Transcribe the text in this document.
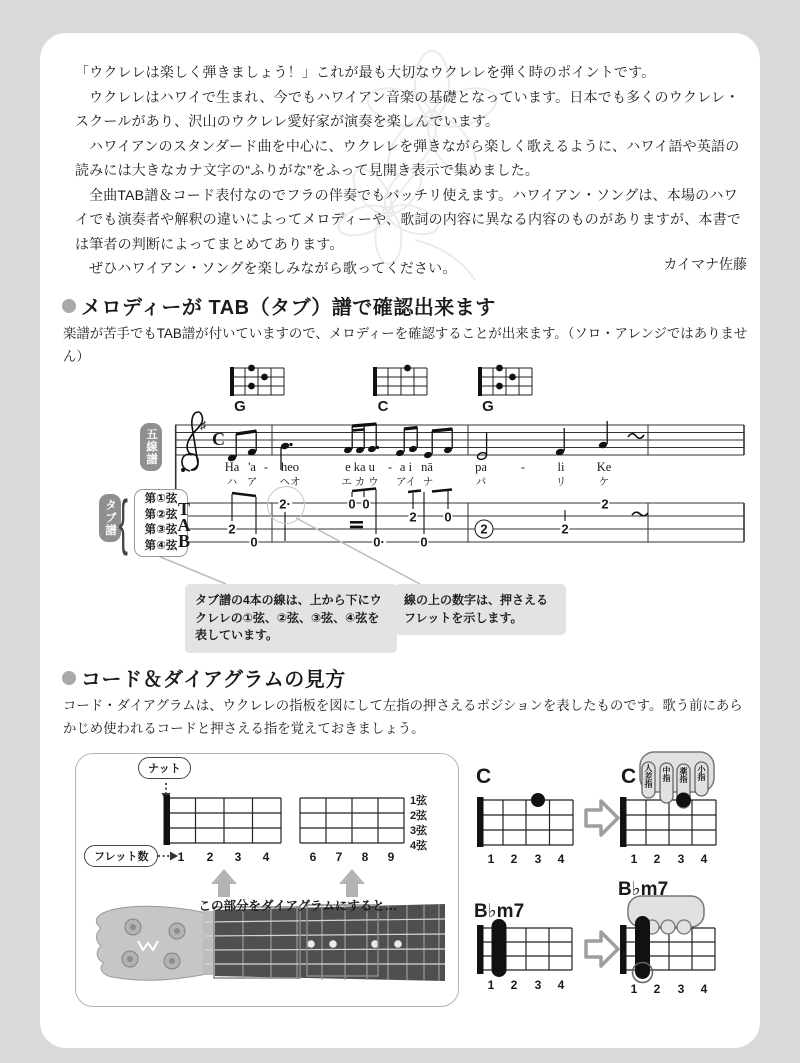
「ウクレレは楽しく弾きましょう！」これが最も大切なウクレレを弾く時のポイントです。

ウクレレはハワイで生まれ、今でもハワイアン音楽の基礎となっています。日本でも多くのウクレレ・スクールがあり、沢山のウクレレ愛好家が演奏を楽しんでいます。

ハワイアンのスタンダード曲を中心に、ウクレレを弾きながら楽しく歌えるように、ハワイ語や英語の読みには大きなカナ文字の“ふりがな”をふって見開き表示で集めました。

全曲TAB譜＆コード表付なのでフラの伴奏でもバッチリ使えます。ハワイアン・ソングは、本場のハワイでも演奏者や解釈の違いによってメロディーや、歌詞の内容に異なる内容のものがありますが、本書では筆者の判断によってまとめてあります。

ぜひハワイアン・ソングを楽しみながら歌ってください。	カイマナ佐藤
メロディーが TAB（タブ）譜で確認出来ます
楽譜が苦手でもTAB譜が付いていますので、メロディーを確認することが出来ます。（ソロ・アレンジではありません）
五線譜
タブ譜 {	第①弦
第②弦
第③弦
第④弦
TAB
♯
C
G	C	G
Ha 'a - heo	e ka u - a i nā	pa	-	li	Ke
ハ ア ヘオ	エ カ ウ アイ ナ	パ	リ	ケ
2
0
2·	0 0
0·
2
0
0
2	2
2
タブ譜の4本の線は、上から下にウクレレの①弦、②弦、③弦、④弦を表しています。
線の上の数字は、押さえるフレットを示します。
コード＆ダイアグラムの見方
コード・ダイアグラムは、ウクレレの指板を図にして左指の押さえるポジションを表したものです。歌う前にあらかじめ使われるコードと押さえる指を覚えておきましょう。
ナット
フレット数
1弦
2弦
3弦
4弦
1 2 3 4	6 7 8 9
この部分をダイアグラムにすると…
C	C 人差指 中指 薬指 小指
1 2 3 4	1 2 3 4
B♭m7
B♭m7
1 2 3 4	1 2 3 4
